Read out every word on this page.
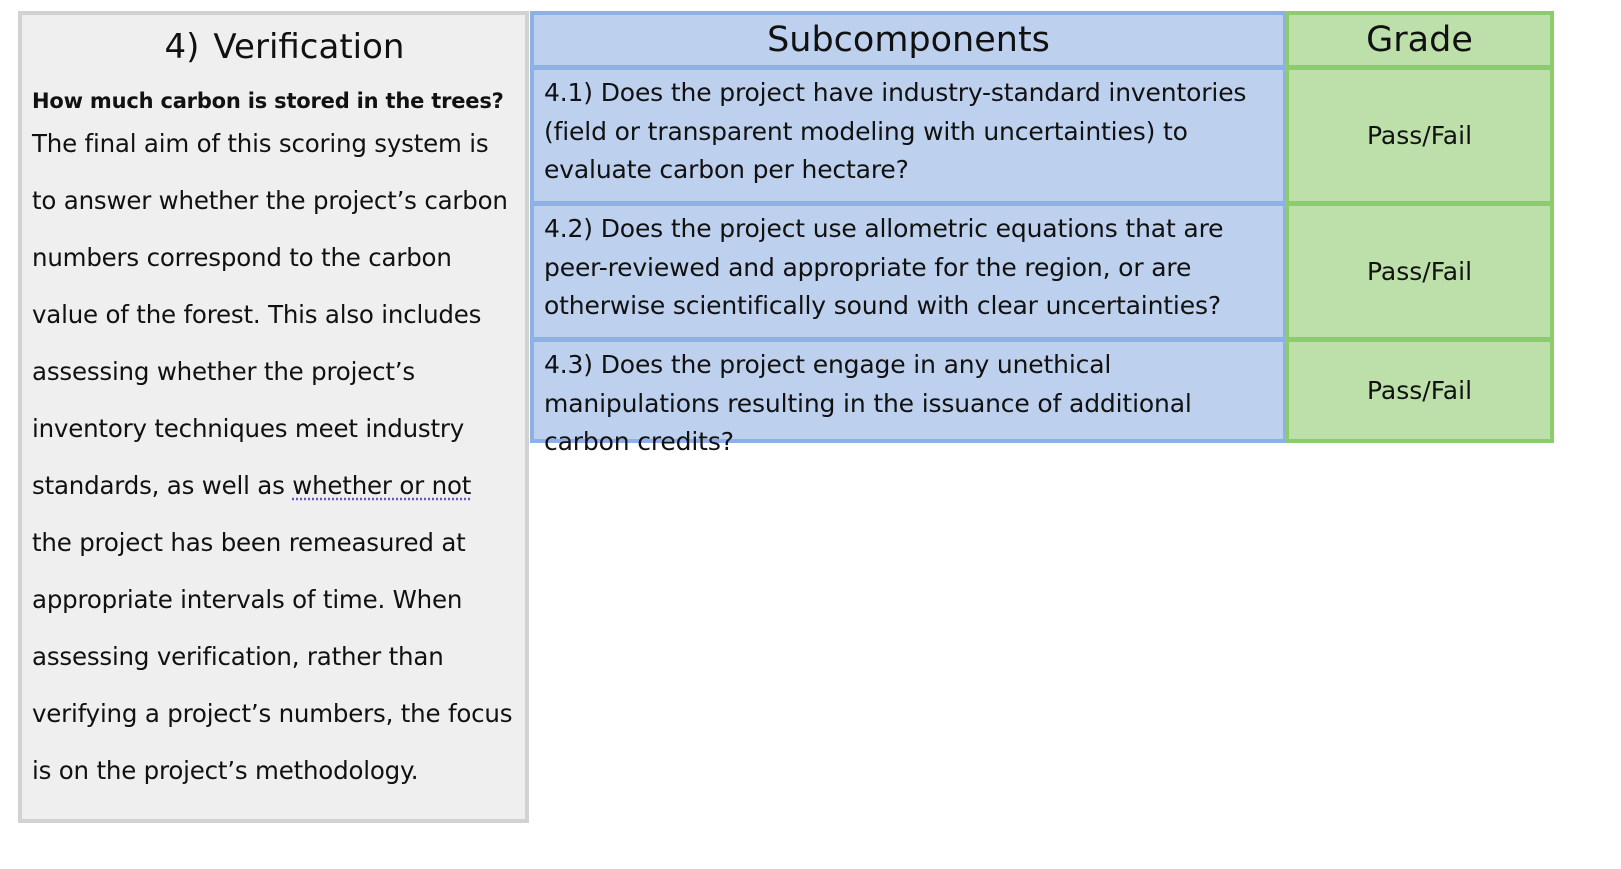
4) Verification
How much carbon is stored in the trees?
The final aim of this scoring system is to answer whether the project’s carbon numbers correspond to the carbon value of the forest. This also includes assessing whether the project’s inventory techniques meet industry standards, as well as whether or not the project has been remeasured at appropriate intervals of time. When assessing verification, rather than verifying a project’s numbers, the focus is on the project’s methodology.
Subcomponents	Grade
4.1) Does the project have industry-standard inventories (field or transparent modeling with uncertainties) to evaluate carbon per hectare?
Pass/Fail
4.2) Does the project use allometric equations that are peer-reviewed and appropriate for the region, or are otherwise scientifically sound with clear uncertainties?
Pass/Fail
4.3) Does the project engage in any unethical manipulations resulting in the issuance of additional carbon credits?
Pass/Fail
